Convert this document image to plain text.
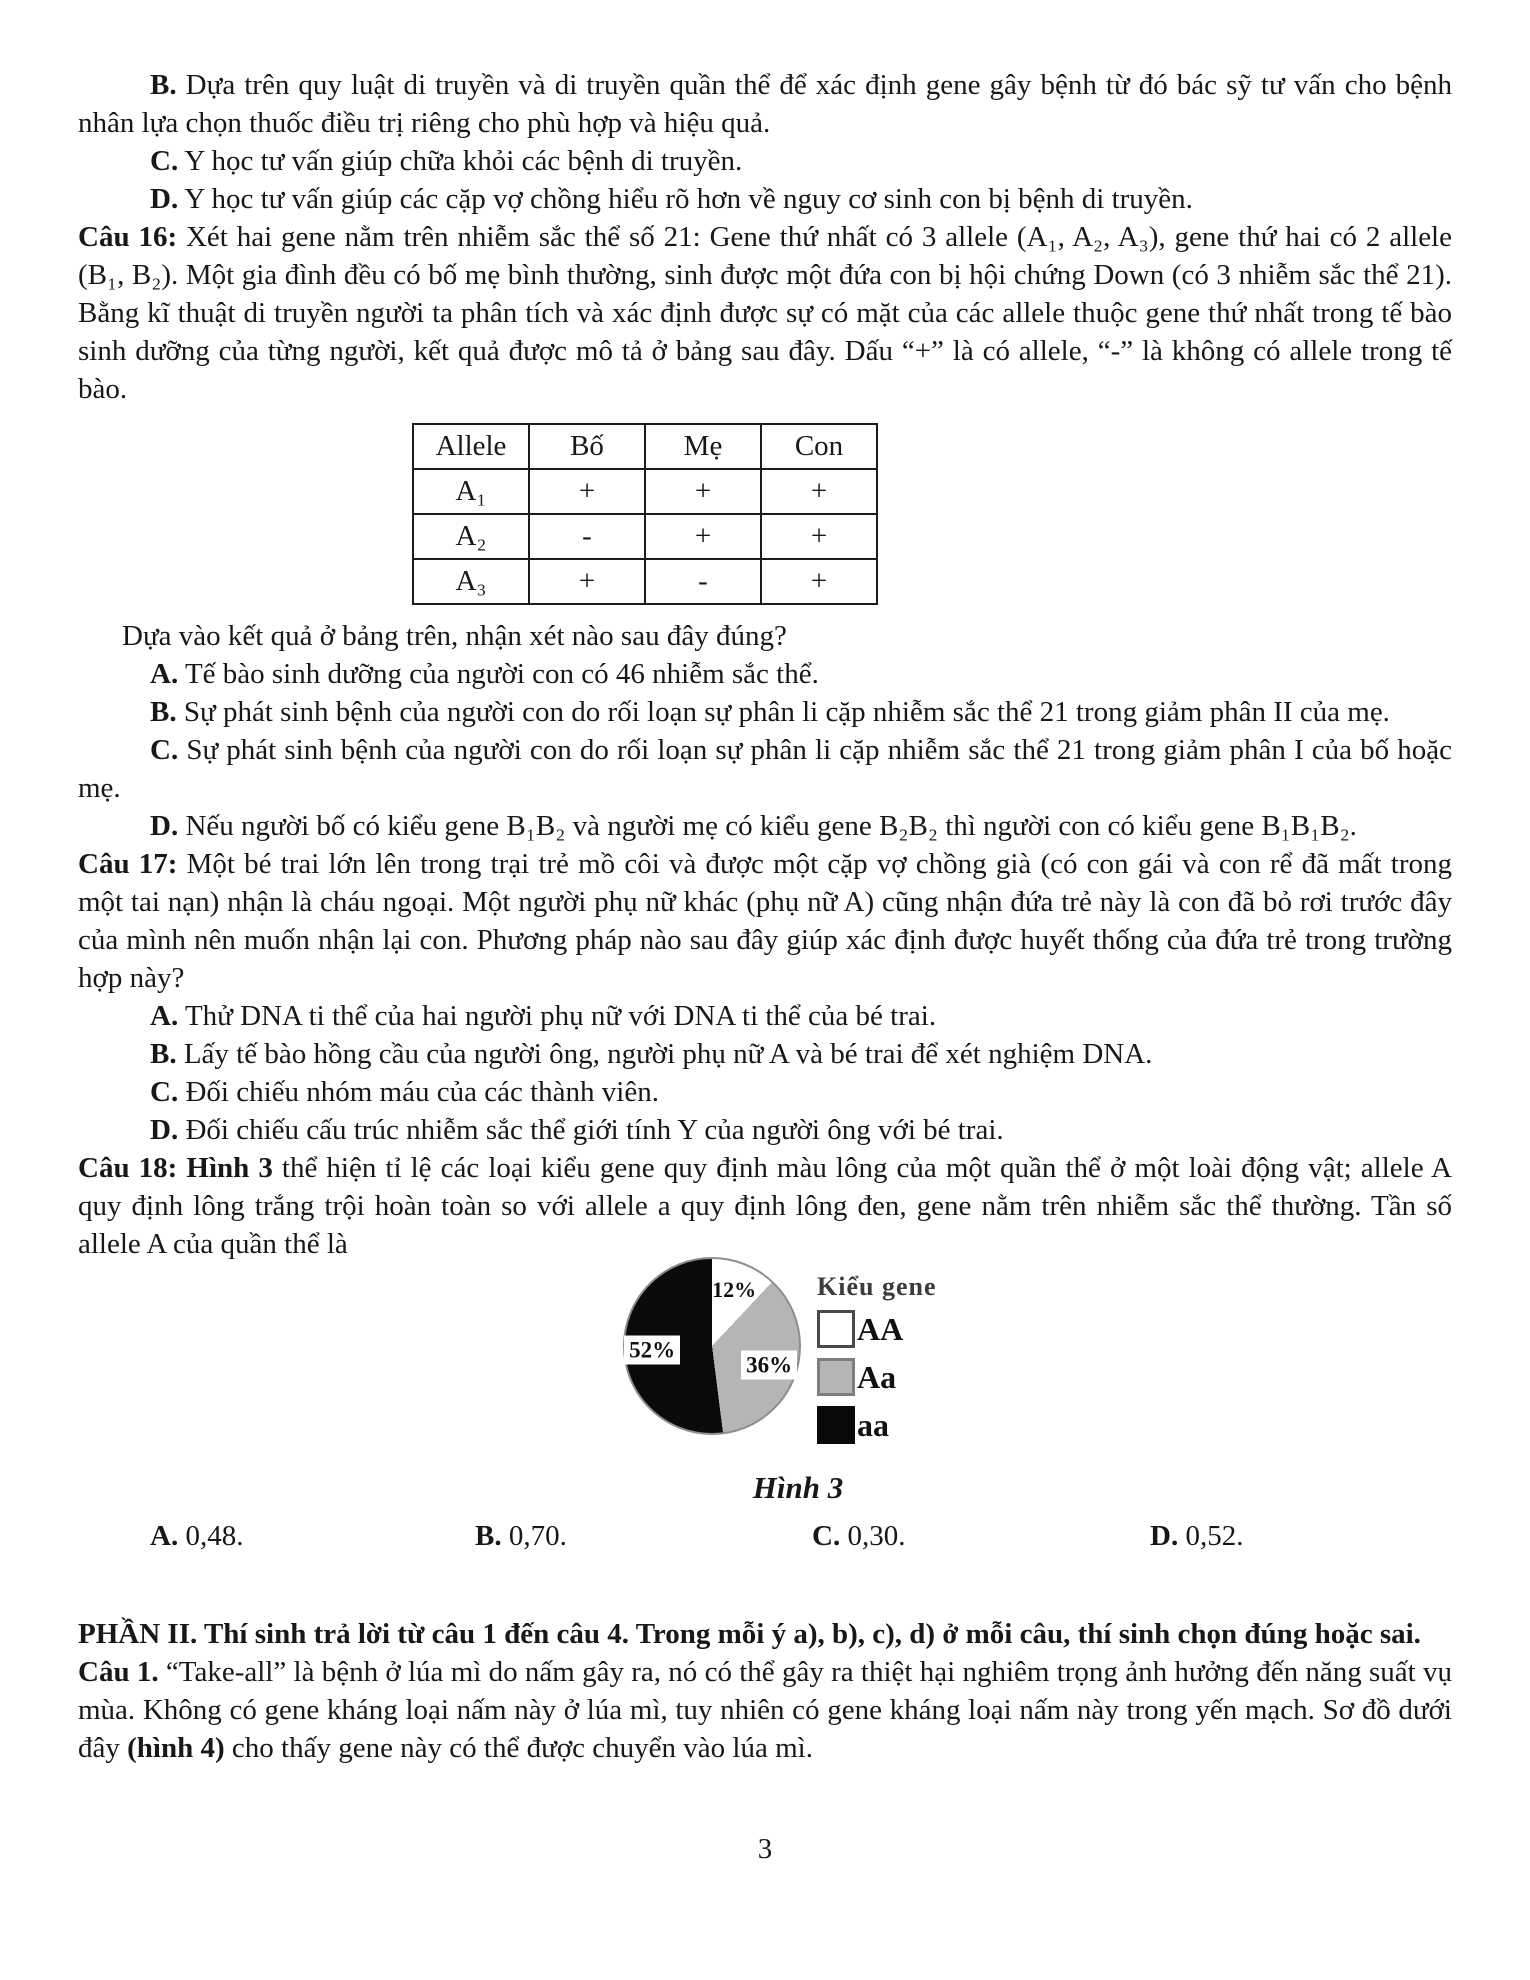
B. Dựa trên quy luật di truyền và di truyền quần thể để xác định gene gây bệnh từ đó bác sỹ tư vấn cho bệnh nhân lựa chọn thuốc điều trị riêng cho phù hợp và hiệu quả.

C. Y học tư vấn giúp chữa khỏi các bệnh di truyền.

D. Y học tư vấn giúp các cặp vợ chồng hiểu rõ hơn về nguy cơ sinh con bị bệnh di truyền.

Câu 16: Xét hai gene nằm trên nhiễm sắc thể số 21: Gene thứ nhất có 3 allele (A₁, A₂, A₃), gene thứ hai có 2 allele (B₁, B₂). Một gia đình đều có bố mẹ bình thường, sinh được một đứa con bị hội chứng Down (có 3 nhiễm sắc thể 21). Bằng kĩ thuật di truyền người ta phân tích và xác định được sự có mặt của các allele thuộc gene thứ nhất trong tế bào sinh dưỡng của từng người, kết quả được mô tả ở bảng sau đây. Dấu “+” là có allele, “-” là không có allele trong tế bào.

Allele	Bố	Mẹ	Con
A₁	+	+	+
A₂	-	+	+
A₃	+	-	+

Dựa vào kết quả ở bảng trên, nhận xét nào sau đây đúng?

A. Tế bào sinh dưỡng của người con có 46 nhiễm sắc thể.

B. Sự phát sinh bệnh của người con do rối loạn sự phân li cặp nhiễm sắc thể 21 trong giảm phân II của mẹ.

C. Sự phát sinh bệnh của người con do rối loạn sự phân li cặp nhiễm sắc thể 21 trong giảm phân I của bố hoặc mẹ.

D. Nếu người bố có kiểu gene B₁B₂ và người mẹ có kiểu gene B₂B₂ thì người con có kiểu gene B₁B₁B₂.

Câu 17: Một bé trai lớn lên trong trại trẻ mồ côi và được một cặp vợ chồng già (có con gái và con rể đã mất trong một tai nạn) nhận là cháu ngoại. Một người phụ nữ khác (phụ nữ A) cũng nhận đứa trẻ này là con đã bỏ rơi trước đây của mình nên muốn nhận lại con. Phương pháp nào sau đây giúp xác định được huyết thống của đứa trẻ trong trường hợp này?

A. Thử DNA ti thể của hai người phụ nữ với DNA ti thể của bé trai.

B. Lấy tế bào hồng cầu của người ông, người phụ nữ A và bé trai để xét nghiệm DNA.

C. Đối chiếu nhóm máu của các thành viên.

D. Đối chiếu cấu trúc nhiễm sắc thể giới tính Y của người ông với bé trai.

Câu 18: Hình 3 thể hiện tỉ lệ các loại kiểu gene quy định màu lông của một quần thể ở một loài động vật; allele A quy định lông trắng trội hoàn toàn so với allele a quy định lông đen, gene nằm trên nhiễm sắc thể thường. Tần số allele A của quần thể là

12%
36%
52%
Kiểu gene
AA
Aa
aa
Hình 3
A. 0,48.	B. 0,70.	C. 0,30.	D. 0,52.

PHẦN II. Thí sinh trả lời từ câu 1 đến câu 4. Trong mỗi ý a), b), c), d) ở mỗi câu, thí sinh chọn đúng hoặc sai.

Câu 1. “Take-all” là bệnh ở lúa mì do nấm gây ra, nó có thể gây ra thiệt hại nghiêm trọng ảnh hưởng đến năng suất vụ mùa. Không có gene kháng loại nấm này ở lúa mì, tuy nhiên có gene kháng loại nấm này trong yến mạch. Sơ đồ dưới đây (hình 4) cho thấy gene này có thể được chuyển vào lúa mì.

3
